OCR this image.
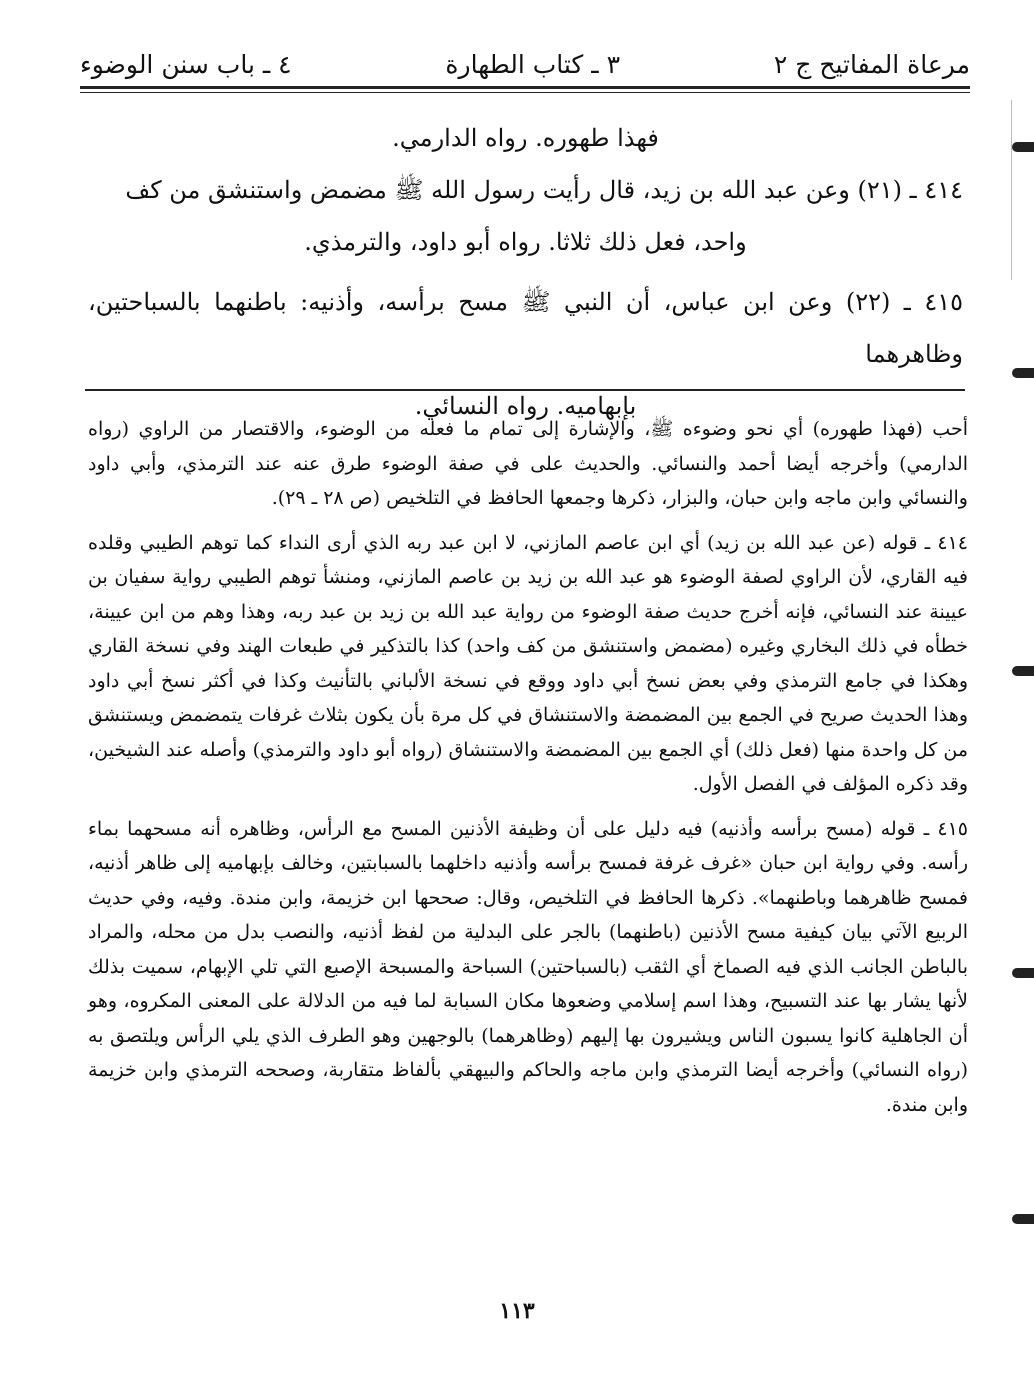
مرعاة المفاتيح ج ٢
٣ ـ كتاب الطهارة
٤ ـ باب سنن الوضوء

فهذا طهوره. رواه الدارمي.

٤١٤ ـ (٢١) وعن عبد الله بن زيد، قال رأيت رسول الله ﷺ مضمض واستنشق من كف

واحد، فعل ذلك ثلاثا. رواه أبو داود، والترمذي.

٤١٥ ـ (٢٢) وعن ابن عباس، أن النبي ﷺ مسح برأسه، وأذنيه: باطنهما بالسباحتين، وظاهرهما

بإبهاميه. رواه النسائي.

أحب (فهذا طهوره) أي نحو وضوءه ﷺ، والإشارة إلى تمام ما فعله من الوضوء، والاقتصار من الراوي (رواه الدارمي) وأخرجه أيضا أحمد والنسائي. والحديث على في صفة الوضوء طرق عنه عند الترمذي، وأبي داود والنسائي وابن ماجه وابن حبان، والبزار، ذكرها وجمعها الحافظ في التلخيص (ص ٢٨ ـ ٢٩).

٤١٤ ـ قوله (عن عبد الله بن زيد) أي ابن عاصم المازني، لا ابن عبد ربه الذي أرى النداء كما توهم الطيبي وقلده فيه القاري، لأن الراوي لصفة الوضوء هو عبد الله بن زيد بن عاصم المازني، ومنشأ توهم الطيبي رواية سفيان بن عيينة عند النسائي، فإنه أخرج حديث صفة الوضوء من رواية عبد الله بن زيد بن عبد ربه، وهذا وهم من ابن عيينة، خطأه في ذلك البخاري وغيره (مضمض واستنشق من كف واحد) كذا بالتذكير في طبعات الهند وفي نسخة القاري وهكذا في جامع الترمذي وفي بعض نسخ أبي داود ووقع في نسخة الألباني بالتأنيث وكذا في أكثر نسخ أبي داود وهذا الحديث صريح في الجمع بين المضمضة والاستنشاق في كل مرة بأن يكون بثلاث غرفات يتمضمض ويستنشق من كل واحدة منها (فعل ذلك) أي الجمع بين المضمضة والاستنشاق (رواه أبو داود والترمذي) وأصله عند الشيخين، وقد ذكره المؤلف في الفصل الأول.

٤١٥ ـ قوله (مسح برأسه وأذنيه) فيه دليل على أن وظيفة الأذنين المسح مع الرأس، وظاهره أنه مسحهما بماء رأسه. وفي رواية ابن حبان «غرف غرفة فمسح برأسه وأذنيه داخلهما بالسبابتين، وخالف بإبهاميه إلى ظاهر أذنيه، فمسح ظاهرهما وباطنهما». ذكرها الحافظ في التلخيص، وقال: صححها ابن خزيمة، وابن مندة. وفيه، وفي حديث الربيع الآتي بيان كيفية مسح الأذنين (باطنهما) بالجر على البدلية من لفظ أذنيه، والنصب بدل من محله، والمراد بالباطن الجانب الذي فيه الصماخ أي الثقب (بالسباحتين) السباحة والمسبحة الإصبع التي تلي الإبهام، سميت بذلك لأنها يشار بها عند التسبيح، وهذا اسم إسلامي وضعوها مكان السبابة لما فيه من الدلالة على المعنى المكروه، وهو أن الجاهلية كانوا يسبون الناس ويشيرون بها إليهم (وظاهرهما) بالوجهين وهو الطرف الذي يلي الرأس ويلتصق به (رواه النسائي) وأخرجه أيضا الترمذي وابن ماجه والحاكم والبيهقي بألفاظ متقاربة، وصححه الترمذي وابن خزيمة وابن مندة.

١١٣
